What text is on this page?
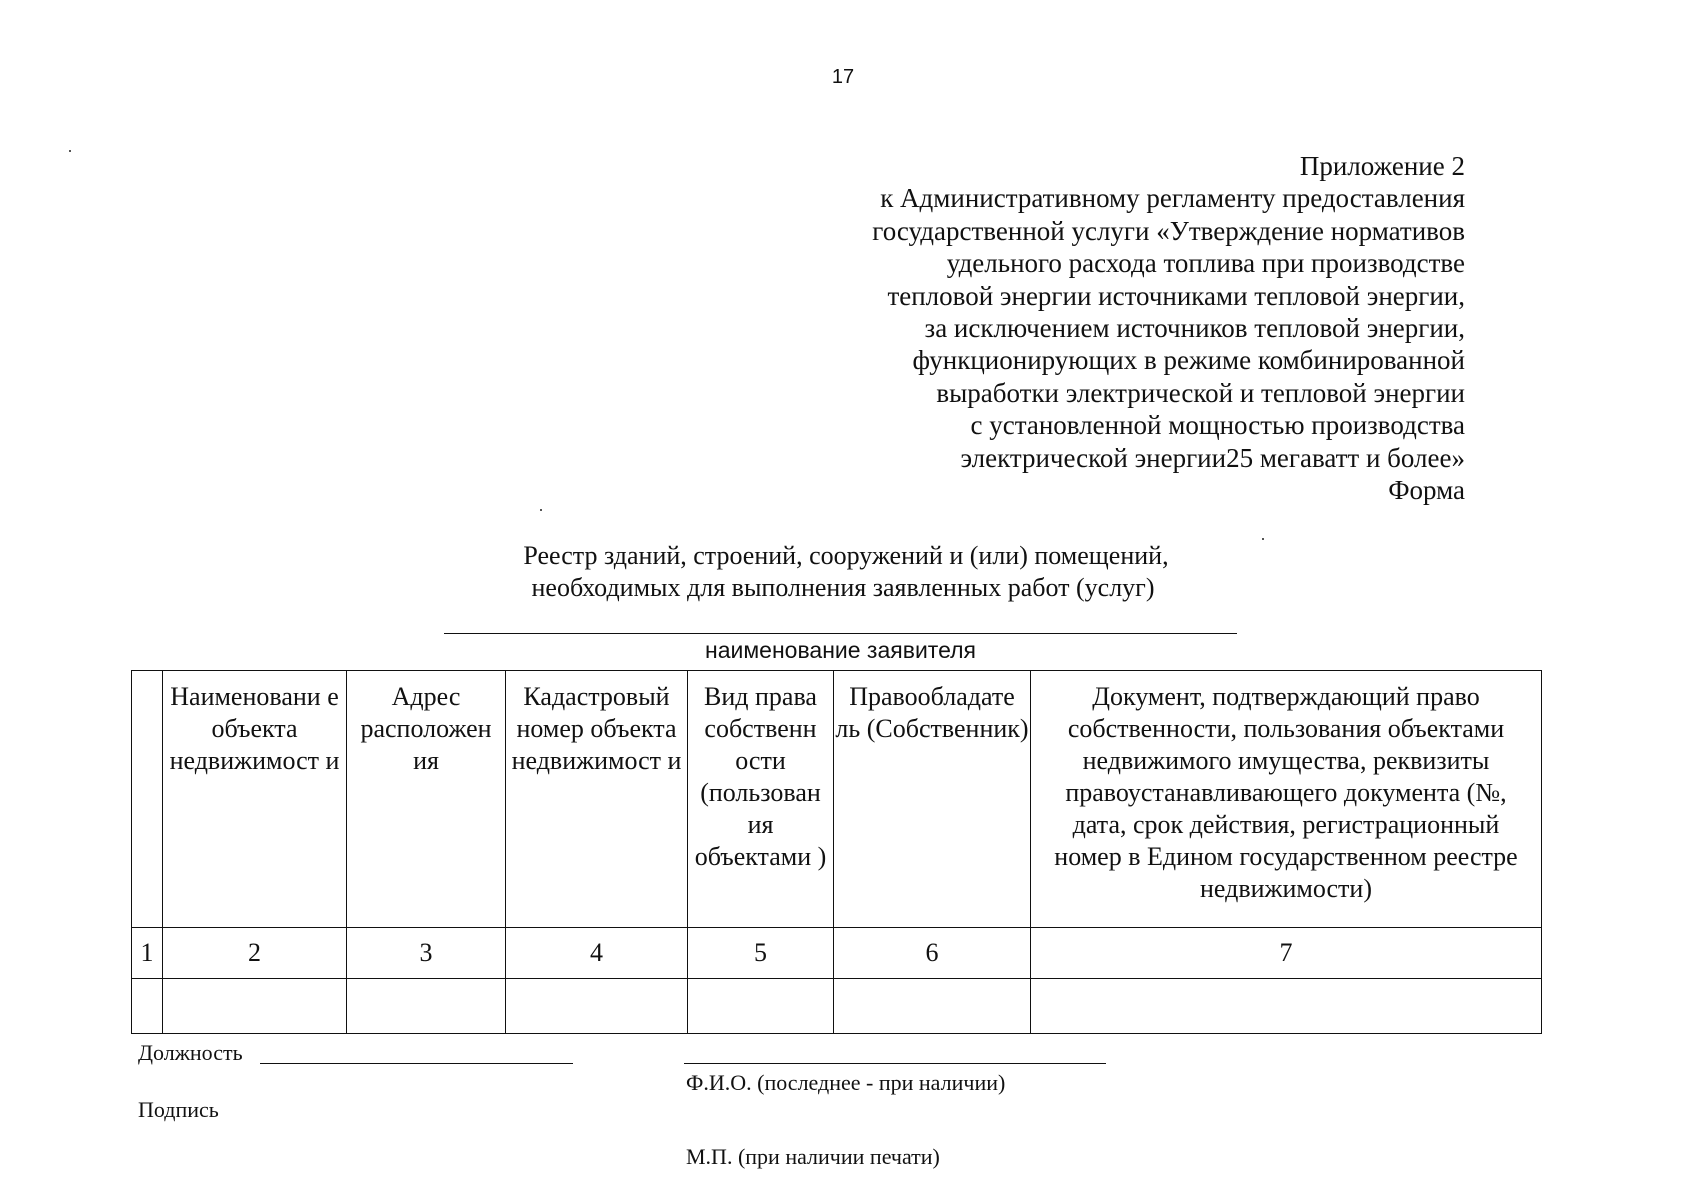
17
Приложение 2
к Административному регламенту предоставления
государственной услуги «Утверждение нормативов
удельного расхода топлива при производстве
тепловой энергии источниками тепловой энергии,
за исключением источников тепловой энергии,
функционирующих в режиме комбинированной
выработки электрической и тепловой энергии
с установленной мощностью производства
электрической энергии25 мегаватт и более»
Форма
Реестр зданий, строений, сооружений и (или) помещений,
необходимых для выполнения заявленных работ (услуг)
наименование заявителя
	Наименовани е объекта недвижимост и	Адрес расположен ия	Кадастровый номер объекта недвижимост и	Вид права собственн ости (пользован ия объектами )	Правообладате ль (Собственник)	Документ, подтверждающий право собственности, пользования объектами недвижимого имущества, реквизиты правоустанавливающего документа (№, дата, срок действия, регистрационный номер в Едином государственном реестре недвижимости)
1	2	3	4	5	6	7

Должность
Ф.И.О. (последнее - при наличии)
Подпись
М.П. (при наличии печати)
